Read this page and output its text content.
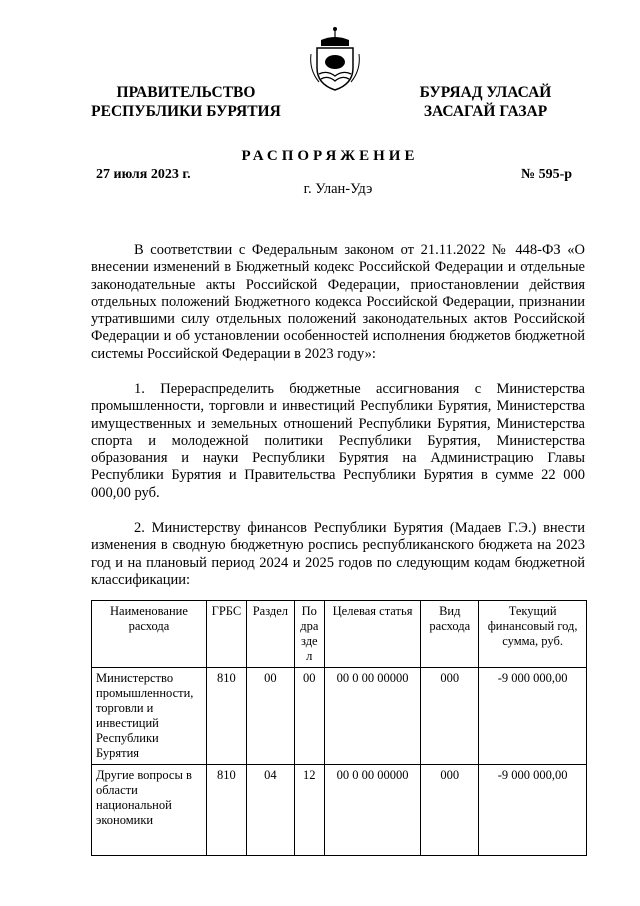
ПРАВИТЕЛЬСТВО
РЕСПУБЛИКИ БУРЯТИЯ
БУРЯАД УЛАСАЙ
ЗАСАГАЙ ГАЗАР
РАСПОРЯЖЕНИЕ
27 июля 2023 г.	№ 595-р
г. Улан-Удэ
В соответствии с Федеральным законом от 21.11.2022 № 448-ФЗ «О внесении изменений в Бюджетный кодекс Российской Федерации и отдельные законодательные акты Российской Федерации, приостановлении действия отдельных положений Бюджетного кодекса Российской Федерации, признании утратившими силу отдельных положений законодательных актов Российской Федерации и об установлении особенностей исполнения бюджетов бюджетной системы Российской Федерации в 2023 году»:
1. Перераспределить бюджетные ассигнования с Министерства промышленности, торговли и инвестиций Республики Бурятия, Министерства имущественных и земельных отношений Республики Бурятия, Министерства спорта и молодежной политики Республики Бурятия, Министерства образования и науки Республики Бурятия на Администрацию Главы Республики Бурятия и Правительства Республики Бурятия в сумме 22 000 000,00 руб.
2. Министерству финансов Республики Бурятия (Мадаев Г.Э.) внести изменения в сводную бюджетную роспись республиканского бюджета на 2023 год и на плановый период 2024 и 2025 годов по следующим кодам бюджетной классификации:
Наименование расхода	ГРБС	Раздел	Подраздел	Целевая статья	Вид расхода	Текущий финансовый год, сумма, руб.
Министерство промышленности, торговли и инвестиций Республики Бурятия	810	00	00	00 0 00 00000	000	-9 000 000,00
Другие вопросы в области национальной экономики	810	04	12	00 0 00 00000	000	-9 000 000,00
